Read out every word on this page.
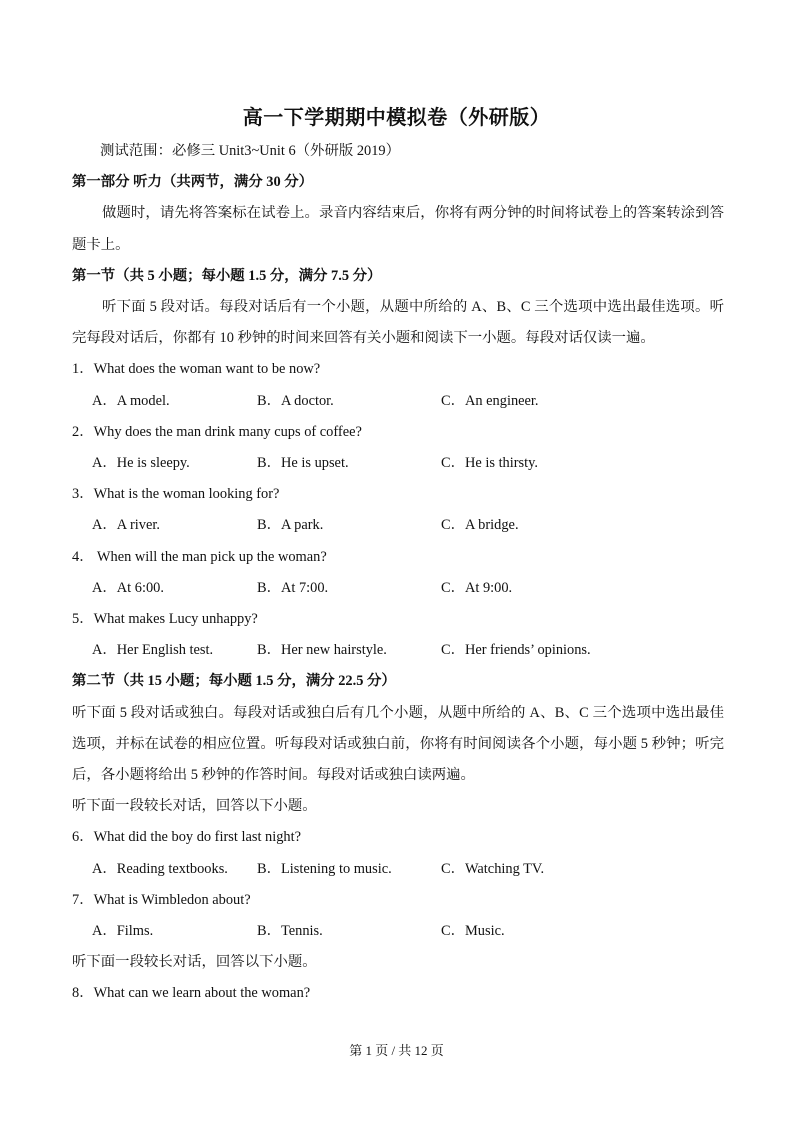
高一下学期期中模拟卷（外研版）
测试范围：必修三 Unit3~Unit 6（外研版 2019）
第一部分 听力（共两节，满分 30 分）
做题时，请先将答案标在试卷上。录音内容结束后，你将有两分钟的时间将试卷上的答案转涂到答题卡上。
第一节（共 5 小题；每小题 1.5 分，满分 7.5 分）
听下面 5 段对话。每段对话后有一个小题，从题中所给的 A、B、C 三个选项中选出最佳选项。听完每段对话后，你都有 10 秒钟的时间来回答有关小题和阅读下一小题。每段对话仅读一遍。
1．What does the woman want to be now?
A．A model.	B．A doctor.	C．An engineer.
2．Why does the man drink many cups of coffee?
A．He is sleepy.	B．He is upset.	C．He is thirsty.
3．What is the woman looking for?
A．A river.	B．A park.	C．A bridge.
4． When will the man pick up the woman?
A．At 6:00.	B．At 7:00.	C．At 9:00.
5．What makes Lucy unhappy?
A．Her English test.	B．Her new hairstyle.	C．Her friends’ opinions.
第二节（共 15 小题；每小题 1.5 分，满分 22.5 分）
听下面 5 段对话或独白。每段对话或独白后有几个小题，从题中所给的 A、B、C 三个选项中选出最佳选项，并标在试卷的相应位置。听每段对话或独白前，你将有时间阅读各个小题，每小题 5 秒钟；听完后，各小题将给出 5 秒钟的作答时间。每段对话或独白读两遍。
听下面一段较长对话，回答以下小题。
6．What did the boy do first last night?
A．Reading textbooks.	B．Listening to music.	C．Watching TV.
7．What is Wimbledon about?
A．Films.	B．Tennis.	C．Music.
听下面一段较长对话，回答以下小题。
8．What can we learn about the woman?
第 1 页 / 共 12 页
